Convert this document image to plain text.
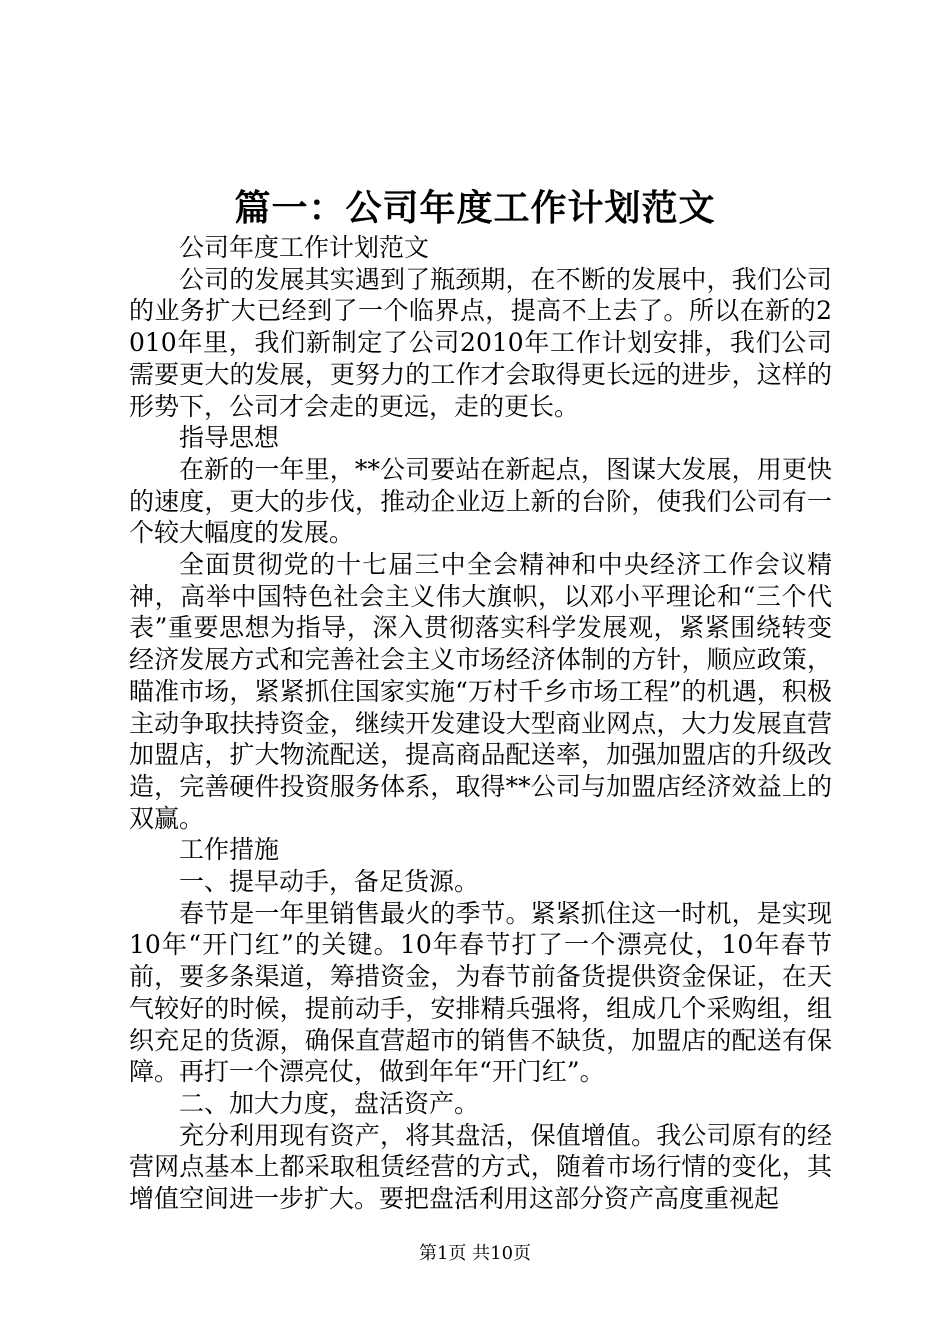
篇一：公司年度工作计划范文

公司年度工作计划范文

公司的发展其实遇到了瓶颈期，在不断的发展中，我们公司的业务扩大已经到了一个临界点，提高不上去了。所以在新的2010年里，我们新制定了公司2010年工作计划安排，我们公司需要更大的发展，更努力的工作才会取得更长远的进步，这样的形势下，公司才会走的更远，走的更长。

指导思想

在新的一年里，**公司要站在新起点，图谋大发展，用更快的速度，更大的步伐，推动企业迈上新的台阶，使我们公司有一个较大幅度的发展。

全面贯彻党的十七届三中全会精神和中央经济工作会议精神，高举中国特色社会主义伟大旗帜，以邓小平理论和“三个代表”重要思想为指导，深入贯彻落实科学发展观，紧紧围绕转变经济发展方式和完善社会主义市场经济体制的方针，顺应政策，瞄准市场，紧紧抓住国家实施“万村千乡市场工程”的机遇，积极主动争取扶持资金，继续开发建设大型商业网点，大力发展直营加盟店，扩大物流配送，提高商品配送率，加强加盟店的升级改造，完善硬件投资服务体系，取得**公司与加盟店经济效益上的双赢。

工作措施

一、提早动手，备足货源。

春节是一年里销售最火的季节。紧紧抓住这一时机，是实现10年“开门红”的关键。10年春节打了一个漂亮仗，10年春节前，要多条渠道，筹措资金，为春节前备货提供资金保证，在天气较好的时候，提前动手，安排精兵强将，组成几个采购组，组织充足的货源，确保直营超市的销售不缺货，加盟店的配送有保障。再打一个漂亮仗，做到年年“开门红”。

二、加大力度，盘活资产。

充分利用现有资产，将其盘活，保值增值。我公司原有的经营网点基本上都采取租赁经营的方式，随着市场行情的变化，其增值空间进一步扩大。要把盘活利用这部分资产高度重视起

第1页 共10页
